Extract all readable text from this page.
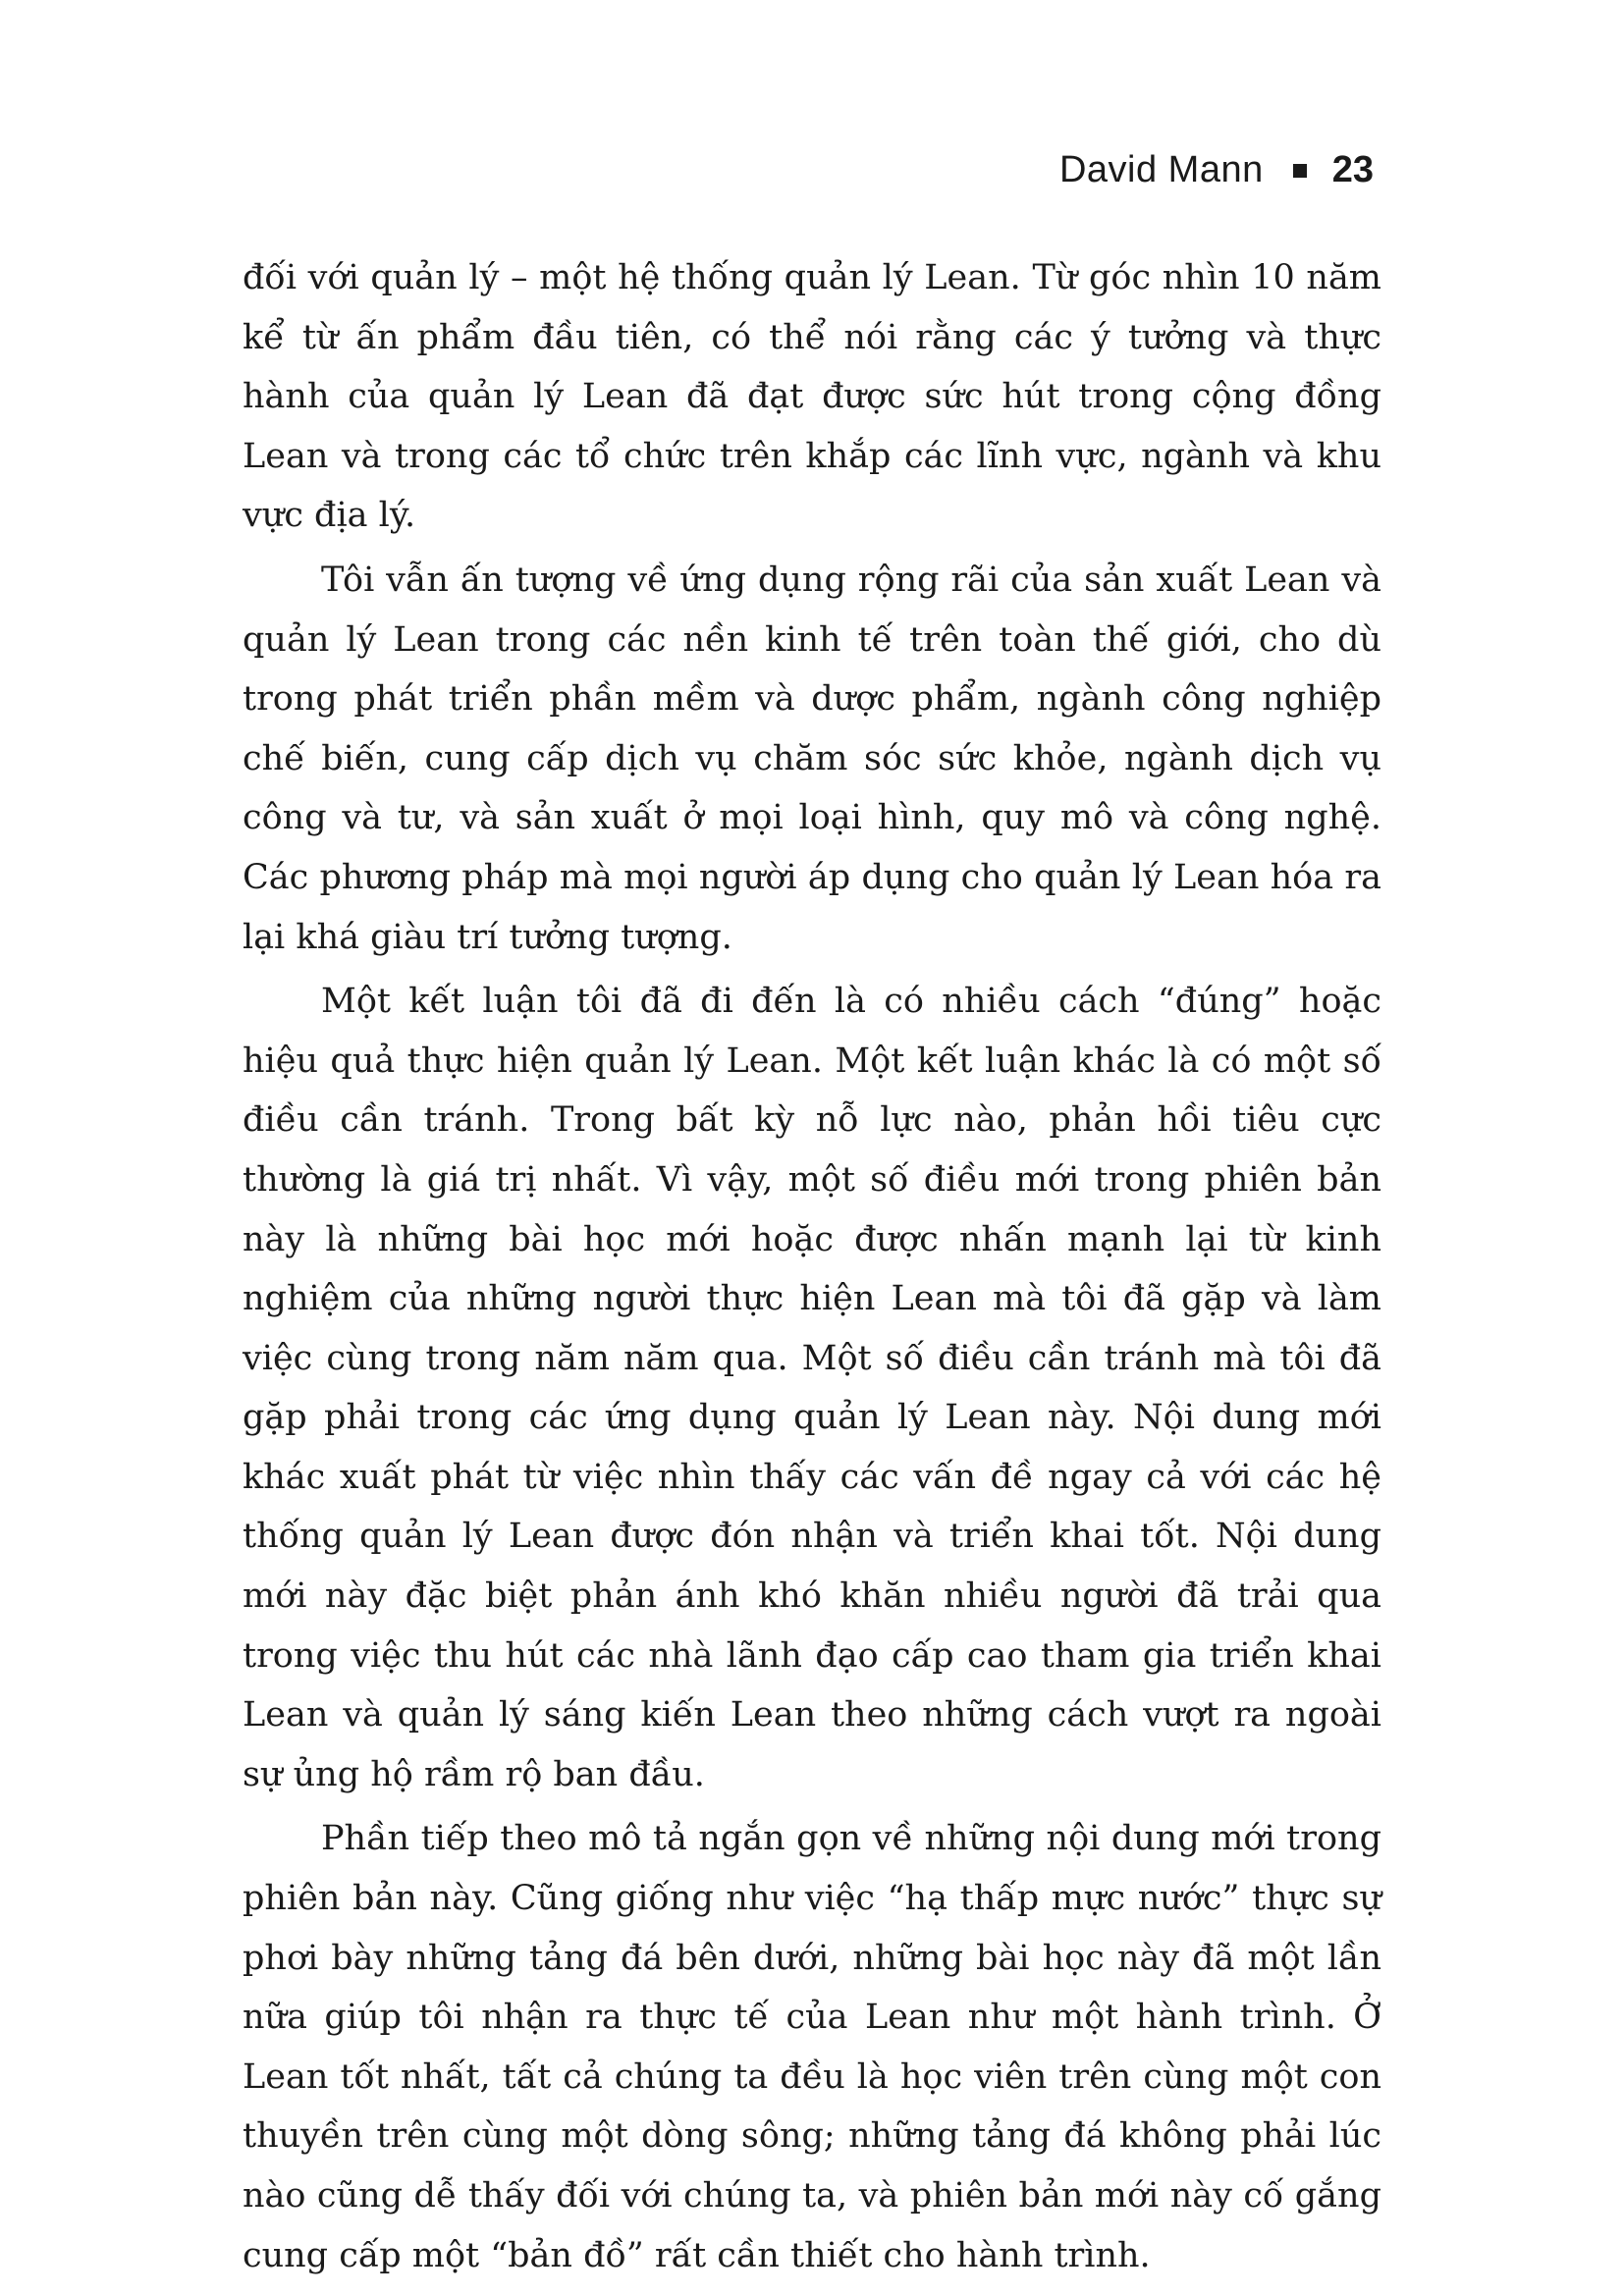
David Mann 23

đối với quản lý – một hệ thống quản lý Lean. Từ góc nhìn 10 năm kể từ ấn phẩm đầu tiên, có thể nói rằng các ý tưởng và thực hành của quản lý Lean đã đạt được sức hút trong cộng đồng Lean và trong các tổ chức trên khắp các lĩnh vực, ngành và khu vực địa lý.

Tôi vẫn ấn tượng về ứng dụng rộng rãi của sản xuất Lean và quản lý Lean trong các nền kinh tế trên toàn thế giới, cho dù trong phát triển phần mềm và dược phẩm, ngành công nghiệp chế biến, cung cấp dịch vụ chăm sóc sức khỏe, ngành dịch vụ công và tư, và sản xuất ở mọi loại hình, quy mô và công nghệ. Các phương pháp mà mọi người áp dụng cho quản lý Lean hóa ra lại khá giàu trí tưởng tượng.

Một kết luận tôi đã đi đến là có nhiều cách “đúng” hoặc hiệu quả thực hiện quản lý Lean. Một kết luận khác là có một số điều cần tránh. Trong bất kỳ nỗ lực nào, phản hồi tiêu cực thường là giá trị nhất. Vì vậy, một số điều mới trong phiên bản này là những bài học mới hoặc được nhấn mạnh lại từ kinh nghiệm của những người thực hiện Lean mà tôi đã gặp và làm việc cùng trong năm năm qua. Một số điều cần tránh mà tôi đã gặp phải trong các ứng dụng quản lý Lean này. Nội dung mới khác xuất phát từ việc nhìn thấy các vấn đề ngay cả với các hệ thống quản lý Lean được đón nhận và triển khai tốt. Nội dung mới này đặc biệt phản ánh khó khăn nhiều người đã trải qua trong việc thu hút các nhà lãnh đạo cấp cao tham gia triển khai Lean và quản lý sáng kiến Lean theo những cách vượt ra ngoài sự ủng hộ rầm rộ ban đầu.

Phần tiếp theo mô tả ngắn gọn về những nội dung mới trong phiên bản này. Cũng giống như việc “hạ thấp mực nước” thực sự phơi bày những tảng đá bên dưới, những bài học này đã một lần nữa giúp tôi nhận ra thực tế của Lean như một hành trình. Ở Lean tốt nhất, tất cả chúng ta đều là học viên trên cùng một con thuyền trên cùng một dòng sông; những tảng đá không phải lúc nào cũng dễ thấy đối với chúng ta, và phiên bản mới này cố gắng cung cấp một “bản đồ” rất cần thiết cho hành trình.
